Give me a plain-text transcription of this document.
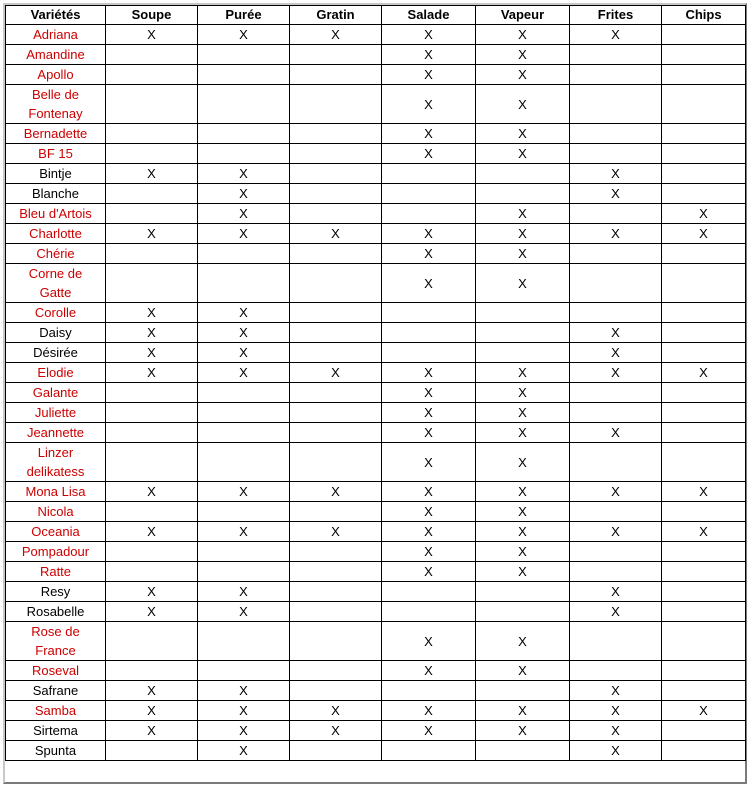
Variétés	Soupe	Purée	Gratin	Salade	Vapeur	Frites	Chips
Adriana	X	X	X	X	X	X	
Amandine				X	X		
Apollo				X	X		
Belle de
Fontenay				X	X		
Bernadette				X	X		
BF 15				X	X		
Bintje	X	X				X	
Blanche		X				X	
Bleu d'Artois		X			X		X
Charlotte	X	X	X	X	X	X	X
Chérie				X	X		
Corne de
Gatte				X	X		
Corolle	X	X					
Daisy	X	X				X	
Désirée	X	X				X	
Elodie	X	X	X	X	X	X	X
Galante				X	X		
Juliette				X	X		
Jeannette				X	X	X	
Linzer
delikatess				X	X		
Mona Lisa	X	X	X	X	X	X	X
Nicola				X	X		
Oceania	X	X	X	X	X	X	X
Pompadour				X	X		
Ratte				X	X		
Resy	X	X				X	
Rosabelle	X	X				X	
Rose de
France				X	X		
Roseval				X	X		
Safrane	X	X				X	
Samba	X	X	X	X	X	X	X
Sirtema	X	X	X	X	X	X	
Spunta		X				X	
